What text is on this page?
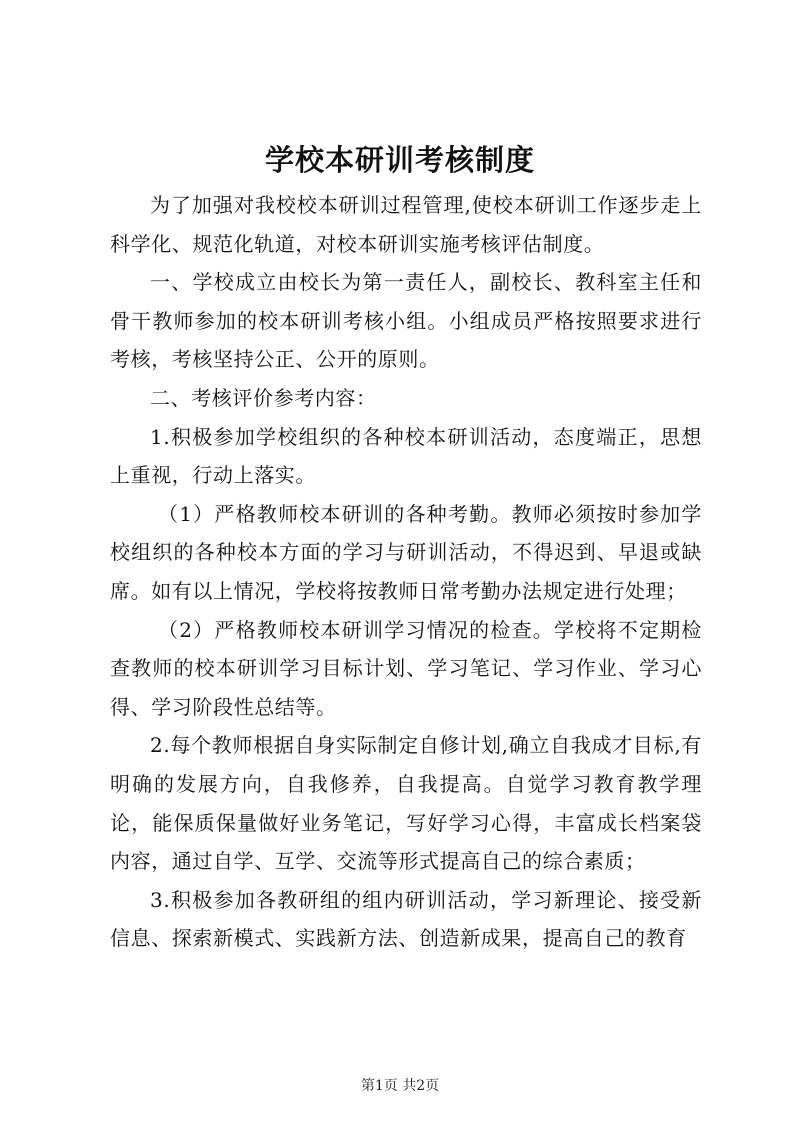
学校本研训考核制度

为了加强对我校校本研训过程管理,使校本研训工作逐步走上科学化、规范化轨道，对校本研训实施考核评估制度。

一、学校成立由校长为第一责任人，副校长、教科室主任和骨干教师参加的校本研训考核小组。小组成员严格按照要求进行考核，考核坚持公正、公开的原则。

二、考核评价参考内容：

1.积极参加学校组织的各种校本研训活动，态度端正，思想上重视，行动上落实。

（1）严格教师校本研训的各种考勤。教师必须按时参加学校组织的各种校本方面的学习与研训活动，不得迟到、早退或缺席。如有以上情况，学校将按教师日常考勤办法规定进行处理；

（2）严格教师校本研训学习情况的检查。学校将不定期检查教师的校本研训学习目标计划、学习笔记、学习作业、学习心得、学习阶段性总结等。

2.每个教师根据自身实际制定自修计划,确立自我成才目标,有明确的发展方向，自我修养，自我提高。自觉学习教育教学理论，能保质保量做好业务笔记，写好学习心得，丰富成长档案袋内容，通过自学、互学、交流等形式提高自己的综合素质；

3.积极参加各教研组的组内研训活动，学习新理论、接受新信息、探索新模式、实践新方法、创造新成果，提高自己的教育

第1页 共2页
